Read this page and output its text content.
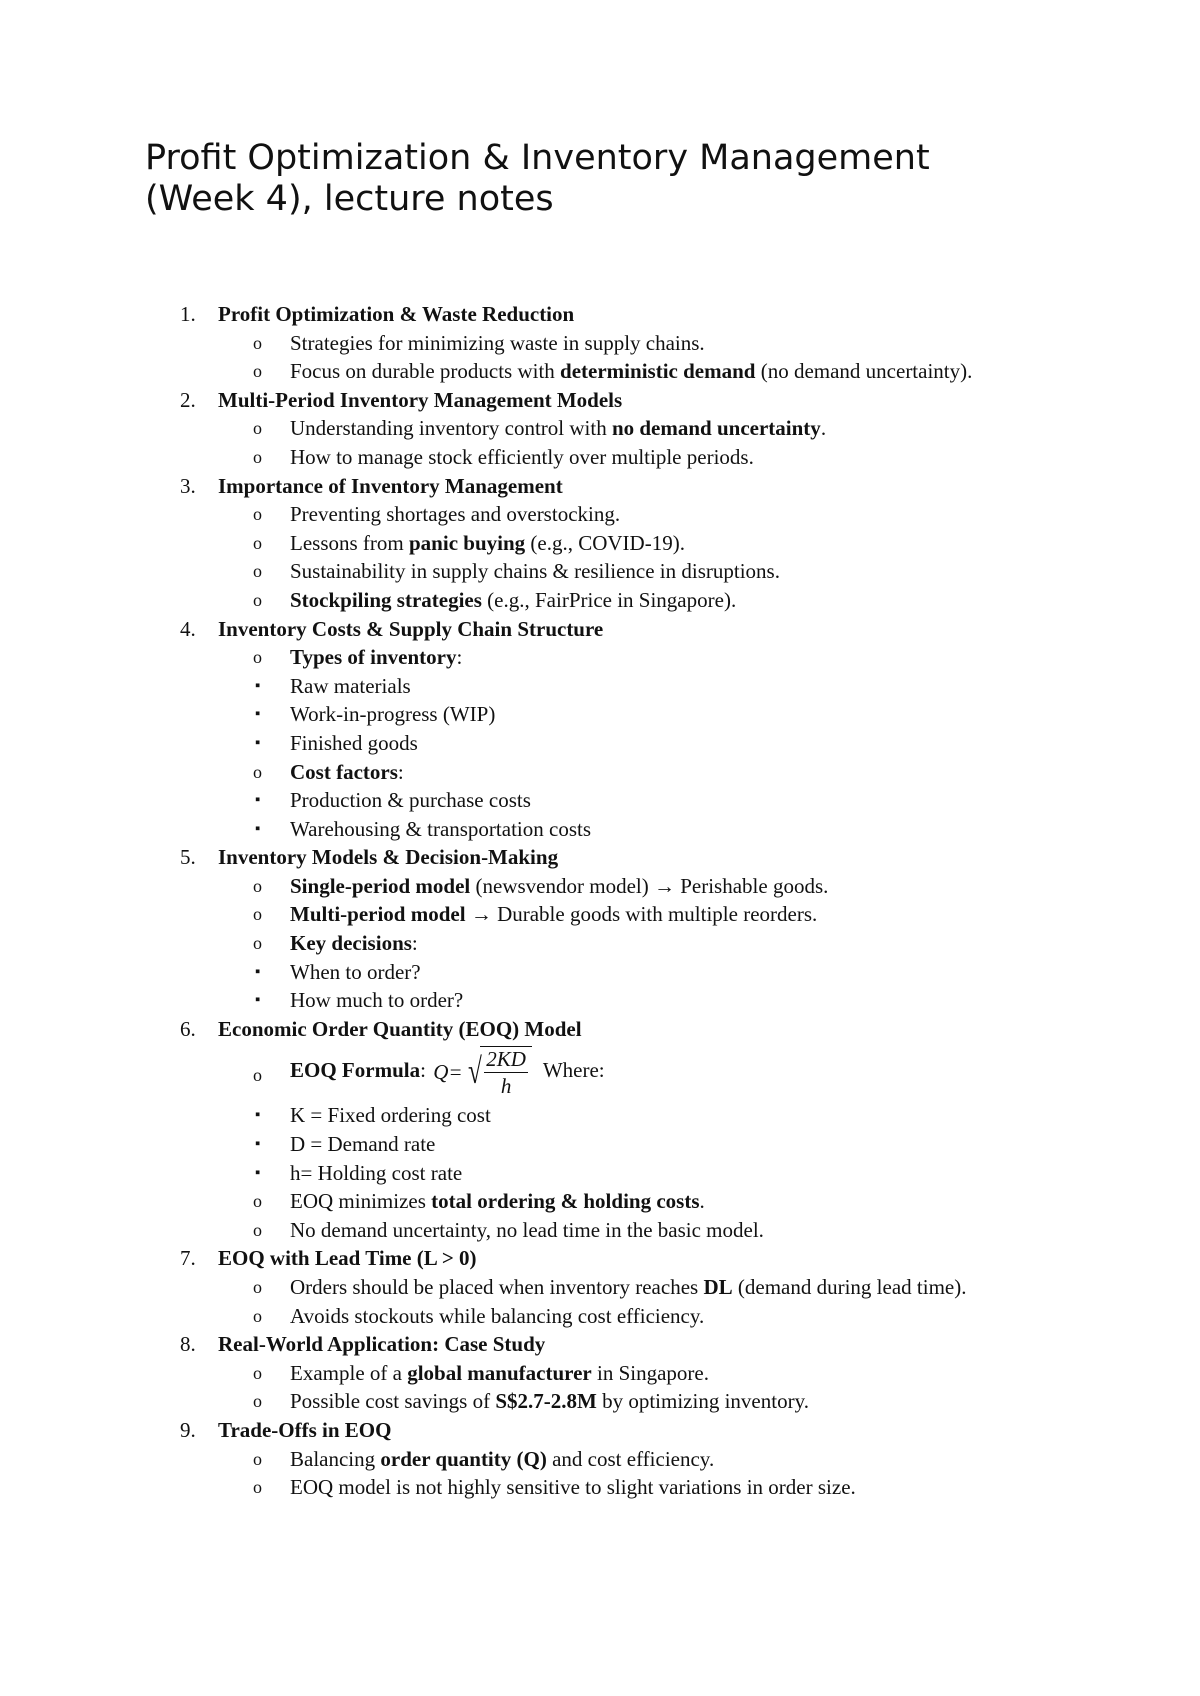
Profit Optimization & Inventory Management (Week 4), lecture notes
1. Profit Optimization & Waste Reduction
o Strategies for minimizing waste in supply chains.
o Focus on durable products with deterministic demand (no demand uncertainty).
2. Multi-Period Inventory Management Models
o Understanding inventory control with no demand uncertainty.
o How to manage stock efficiently over multiple periods.
3. Importance of Inventory Management
o Preventing shortages and overstocking.
o Lessons from panic buying (e.g., COVID-19).
o Sustainability in supply chains & resilience in disruptions.
o Stockpiling strategies (e.g., FairPrice in Singapore).
4. Inventory Costs & Supply Chain Structure
o Types of inventory:
▪ Raw materials
▪ Work-in-progress (WIP)
▪ Finished goods
o Cost factors:
▪ Production & purchase costs
▪ Warehousing & transportation costs
5. Inventory Models & Decision-Making
o Single-period model (newsvendor model) → Perishable goods.
o Multi-period model → Durable goods with multiple reorders.
o Key decisions:
▪ When to order?
▪ How much to order?
6. Economic Order Quantity (EOQ) Model
o EOQ Formula: Q= √
$\frac{2KD}{h}$ Where:
▪ K = Fixed ordering cost
▪ D = Demand rate
▪ h= Holding cost rate
o EOQ minimizes total ordering & holding costs.
o No demand uncertainty, no lead time in the basic model.
7. EOQ with Lead Time (L > 0)
o Orders should be placed when inventory reaches DL (demand during lead time).
o Avoids stockouts while balancing cost efficiency.
8. Real-World Application: Case Study
o Example of a global manufacturer in Singapore.
o Possible cost savings of S$2.7-2.8M by optimizing inventory.
9. Trade-Offs in EOQ
o Balancing order quantity (Q) and cost efficiency.
o EOQ model is not highly sensitive to slight variations in order size.
